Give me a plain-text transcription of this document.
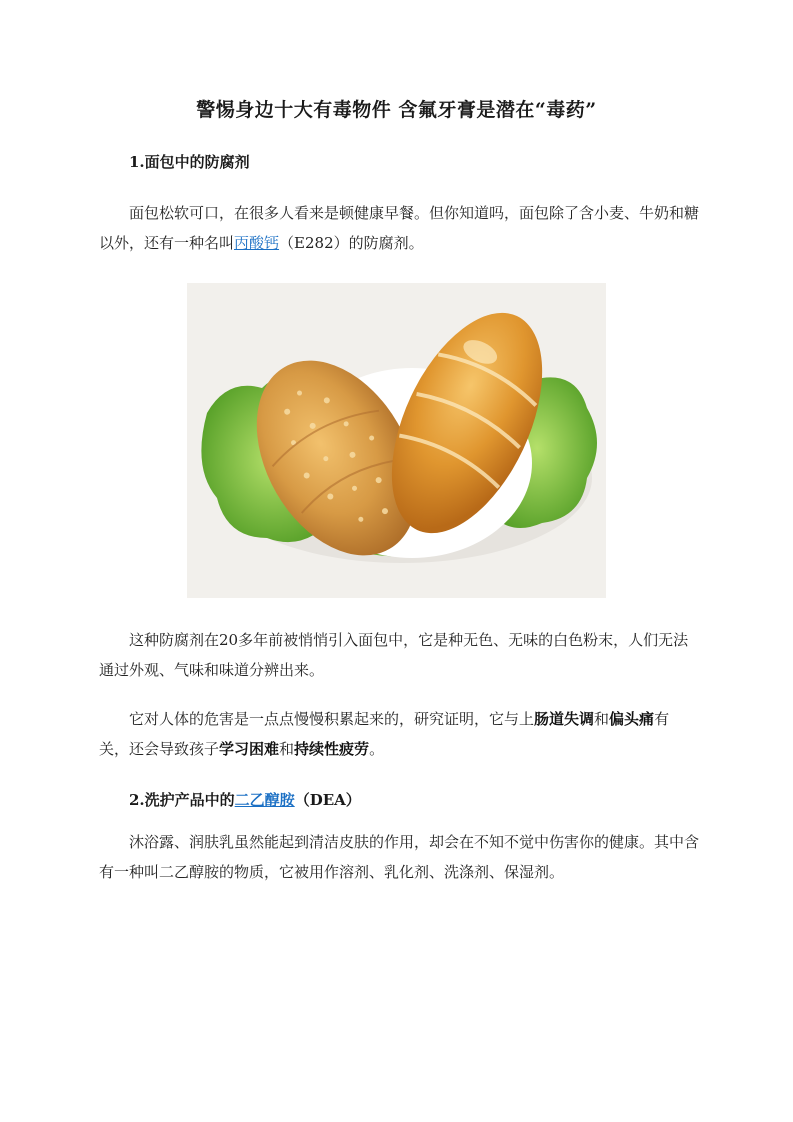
警惕身边十大有毒物件 含氟牙膏是潜在“毒药”
1.面包中的防腐剂

面包松软可口，在很多人看来是顿健康早餐。但你知道吗，面包除了含小麦、牛奶和糖以外，还有一种名叫丙酸钙（E282）的防腐剂。

这种防腐剂在20多年前被悄悄引入面包中，它是种无色、无味的白色粉末，人们无法通过外观、气味和味道分辨出来。

它对人体的危害是一点点慢慢积累起来的，研究证明，它与上肠道失调和偏头痛有关，还会导致孩子学习困难和持续性疲劳。

2.洗护产品中的二乙醇胺（DEA）

沐浴露、润肤乳虽然能起到清洁皮肤的作用，却会在不知不觉中伤害你的健康。其中含有一种叫二乙醇胺的物质，它被用作溶剂、乳化剂、洗涤剂、保湿剂。
